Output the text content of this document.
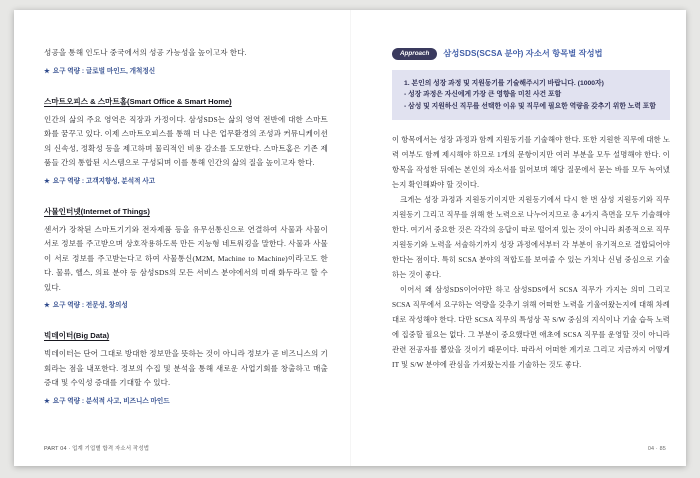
성공을 통해 인도나 중국에서의 성공 가능성을 높이고자 한다.

★ 요구 역량 : 글로벌 마인드, 개척정신

스마트오피스 & 스마트홈(Smart Office & Smart Home)

인간의 삶의 주요 영역은 직장과 가정이다. 삼성SDS는 삶의 영역 전반에 대한 스마트화를 꿈꾸고 있다. 이제 스마트오피스를 통해 더 나은 업무환경의 조성과 커뮤니케이션의 신속성, 정확성 등을 제고하며 물리적인 비용 감소를 도모한다. 스마트홈은 기존 제품들 간의 통합된 시스템으로 구성되며 이를 통해 인간의 삶의 질을 높이고자 한다.

★ 요구 역량 : 고객지향성, 분석적 사고

사물인터넷(Internet of Things)

센서가 장착된 스마트기기와 전자제품 등을 유무선통신으로 연결하여 사물과 사물이 서로 정보를 주고받으며 상호작용하도록 만든 지능형 네트워킹을 말한다. 사물과 사물이 서로 정보를 주고받는다고 하여 사물통신(M2M, Machine to Machine)이라고도 한다. 물류, 헬스, 의료 분야 등 삼성SDS의 모든 서비스 분야에서의 미래 화두라고 할 수 있다.

★ 요구 역량 : 전문성, 창의성

빅데이터(Big Data)

빅데이터는 단어 그대로 방대한 정보만을 뜻하는 것이 아니라 정보가 곧 비즈니스의 기회라는 점을 내포한다. 정보의 수집 및 분석을 통해 새로운 사업기회를 창출하고 매출 증대 및 수익성 증대를 기대할 수 있다.

★ 요구 역량 : 분석적 사고, 비즈니스 마인드

PART 04 · 업계 기업별 합격 자소서 작성법
Approach	삼성SDS(SCSA 분야) 자소서 항목별 작성법

1. 본인의 성장 과정 및 지원동기를 기술해주시기 바랍니다. (1000자)

- 성장 과정은 자신에게 가장 큰 영향을 미친 사건 포함

- 삼성 및 지원하신 직무를 선택한 이유 및 직무에 필요한 역량을 갖추기 위한 노력 포함

이 항목에서는 성장 과정과 함께 지원동기를 기술해야 한다. 또한 지원한 직무에 대한 노력 여부도 함께 제시해야 하므로 1개의 문항이지만 여러 부분을 모두 설명해야 한다. 이 항목을 작성한 뒤에는 본인의 자소서를 읽어보며 해당 질문에서 묻는 바를 모두 녹여냈는지 확인해봐야 할 것이다.

크게는 성장 과정과 지원동기이지만 지원동기에서 다시 한 번 삼성 지원동기와 직무 지원동기 그리고 직무를 위해 한 노력으로 나누어지므로 총 4가지 측면을 모두 기술해야 한다. 여기서 중요한 것은 각각의 응답이 따로 떨어져 있는 것이 아니라 최종적으로 직무 지원동기와 노력을 서술하기까지 성장 과정에서부터 각 부분이 유기적으로 결합되어야 한다는 점이다. 특히 SCSA 분야의 적합도를 보여줄 수 있는 가치나 신념 중심으로 기술하는 것이 좋다.

이어서 왜 삼성SDS이어야만 하고 삼성SDS에서 SCSA 직무가 가지는 의미 그리고 SCSA 직무에서 요구하는 역량을 갖추기 위해 어떠한 노력을 기울여왔는지에 대해 차례대로 작성해야 한다. 다만 SCSA 직무의 특성상 꼭 S/W 중심의 지식이나 기술 습득 노력에 집중할 필요는 없다. 그 부분이 중요했다면 애초에 SCSA 직무를 운영할 것이 아니라 관련 전공자를 뽑았을 것이기 때문이다. 따라서 어떠한 계기로 그리고 지금까지 어떻게 IT 및 S/W 분야에 관심을 가져왔는지를 기술하는 것도 좋다.

04 · 85
